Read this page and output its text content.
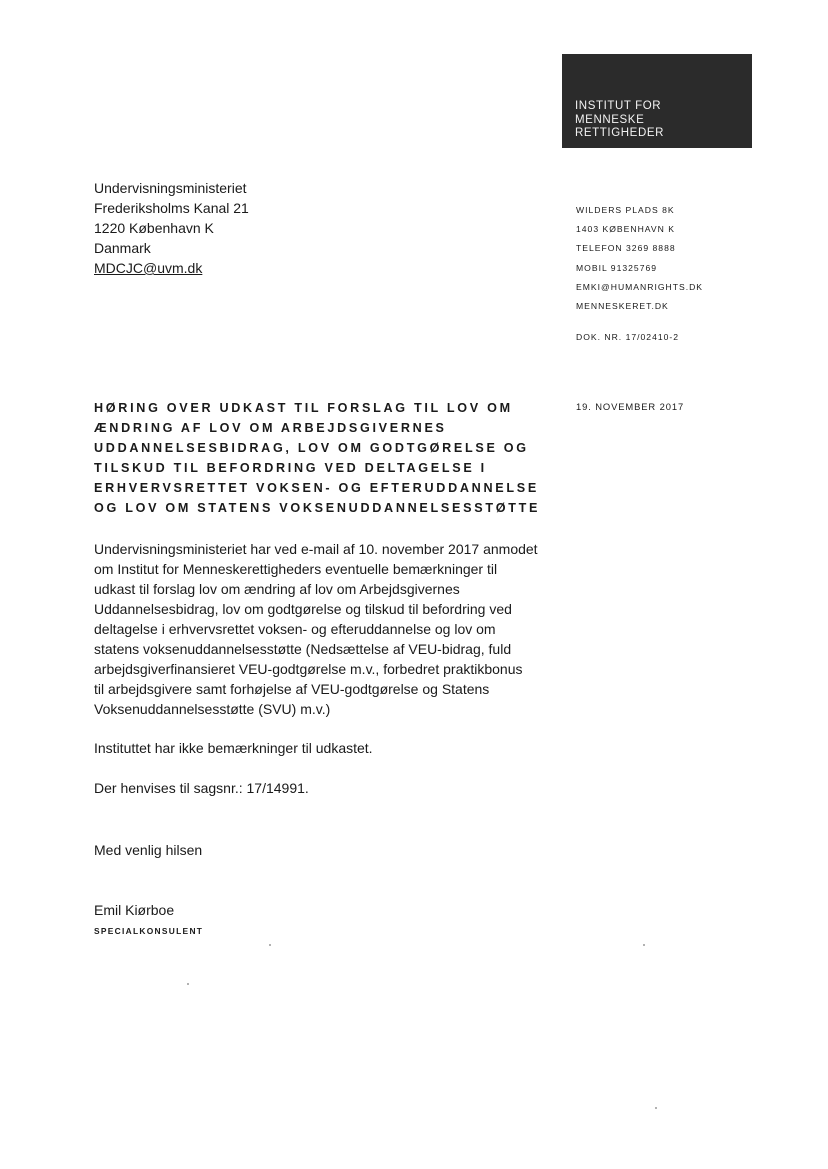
INSTITUT FOR
MENNESKE
RETTIGHEDER
Undervisningsministeriet
Frederiksholms Kanal 21
1220 København K
Danmark
MDCJC@uvm.dk
WILDERS PLADS 8K
1403 KØBENHAVN K
TELEFON 3269 8888
MOBIL 91325769
EMKI@HUMANRIGHTS.DK
MENNESKERET.DK
DOK. NR. 17/02410-2
19. NOVEMBER 2017
HØRING OVER UDKAST TIL FORSLAG TIL LOV OM
ÆNDRING AF LOV OM ARBEJDSGIVERNES
UDDANNELSESBIDRAG, LOV OM GODTGØRELSE OG
TILSKUD TIL BEFORDRING VED DELTAGELSE I
ERHVERVSRETTET VOKSEN- OG EFTERUDDANNELSE
OG LOV OM STATENS VOKSENUDDANNELSESSTØTTE
Undervisningsministeriet har ved e-mail af 10. november 2017 anmodet
om Institut for Menneskerettigheders eventuelle bemærkninger til
udkast til forslag lov om ændring af lov om Arbejdsgivernes
Uddannelsesbidrag, lov om godtgørelse og tilskud til befordring ved
deltagelse i erhvervsrettet voksen- og efteruddannelse og lov om
statens voksenuddannelsesstøtte (Nedsættelse af VEU-bidrag, fuld
arbejdsgiverfinansieret VEU-godtgørelse m.v., forbedret praktikbonus
til arbejdsgivere samt forhøjelse af VEU-godtgørelse og Statens
Voksenuddannelsesstøtte (SVU) m.v.)
Instituttet har ikke bemærkninger til udkastet.
Der henvises til sagsnr.: 17/14991.
Med venlig hilsen
Emil Kiørboe
SPECIALKONSULENT
